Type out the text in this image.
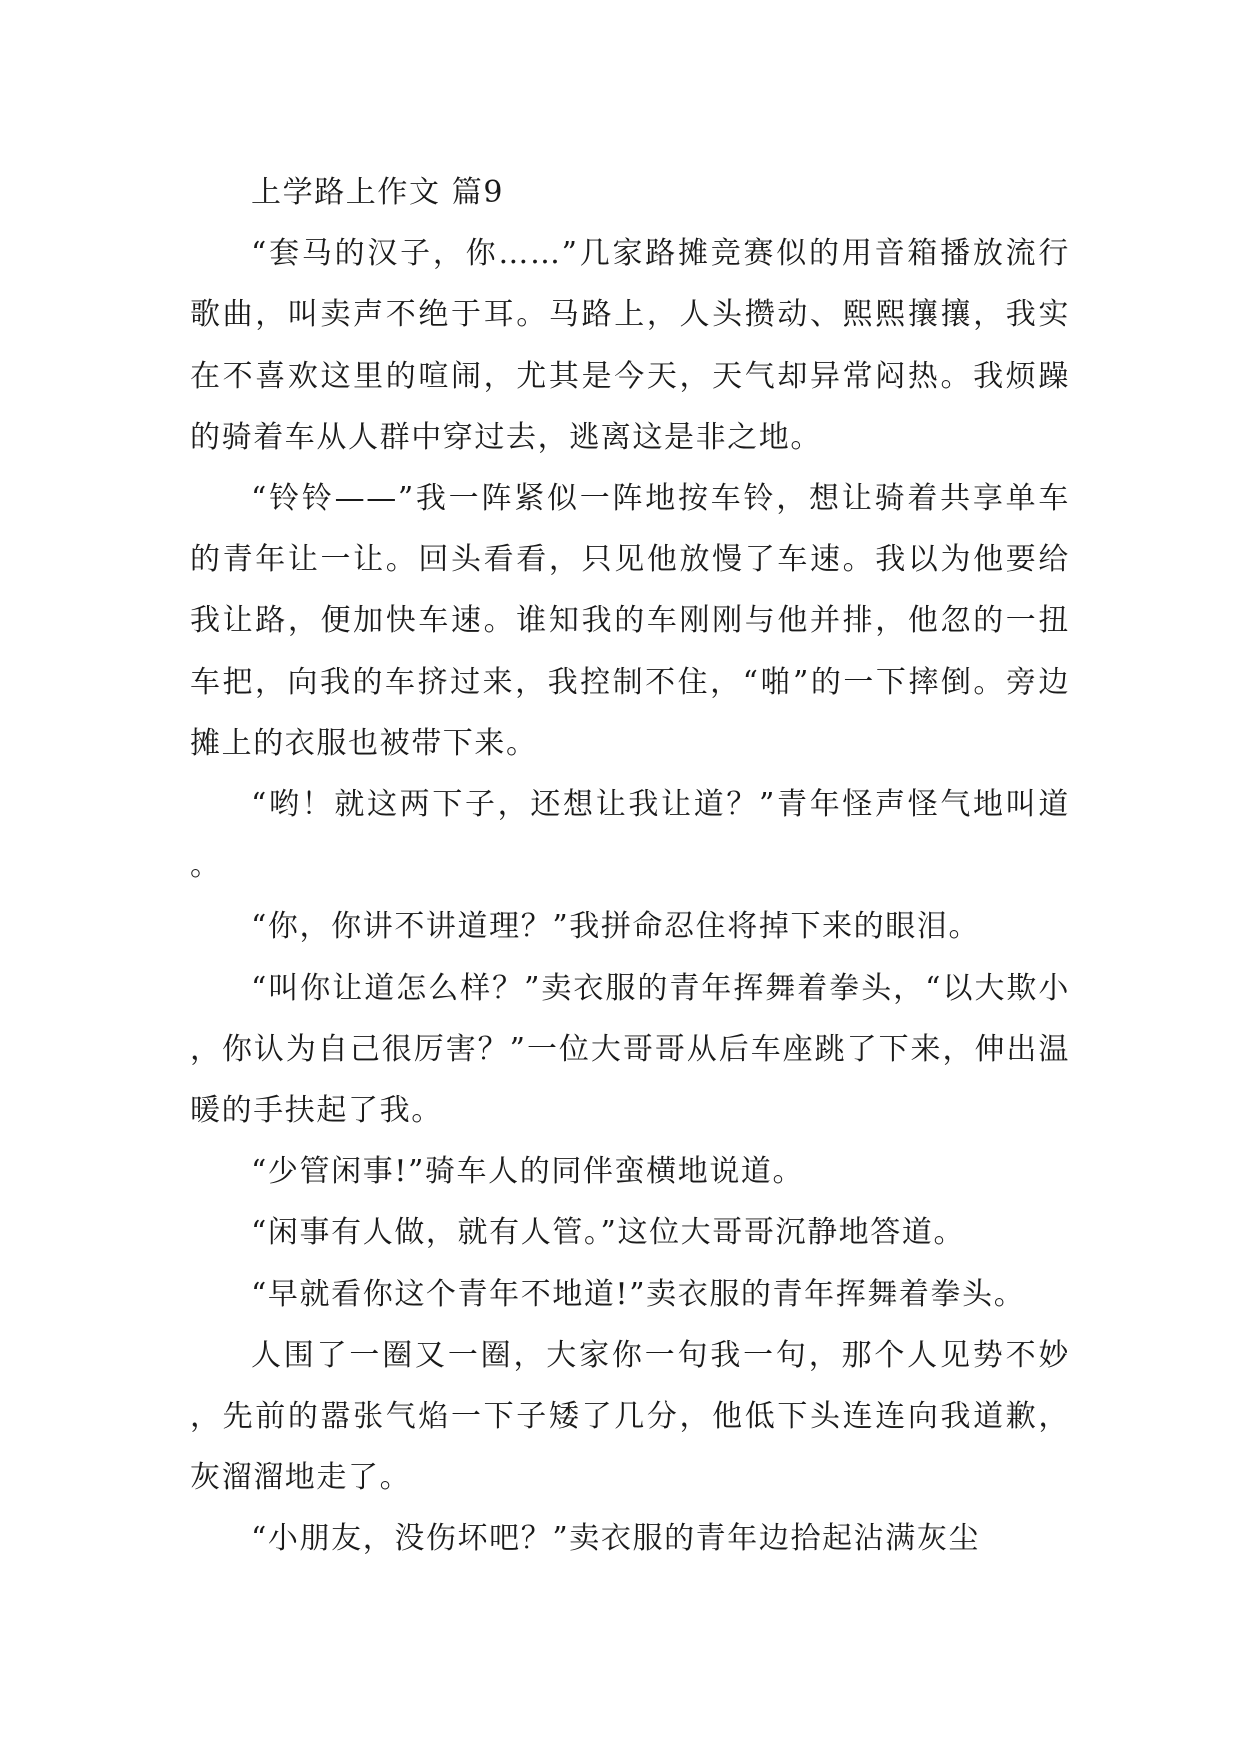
上学路上作文 篇9

“套马的汉子，你……”几家路摊竞赛似的用音箱播放流行歌曲，叫卖声不绝于耳。马路上，人头攒动、熙熙攘攘，我实在不喜欢这里的喧闹，尤其是今天，天气却异常闷热。我烦躁的骑着车从人群中穿过去，逃离这是非之地。

“铃铃——”我一阵紧似一阵地按车铃，想让骑着共享单车的青年让一让。回头看看，只见他放慢了车速。我以为他要给我让路，便加快车速。谁知我的车刚刚与他并排，他忽的一扭车把，向我的车挤过来，我控制不住，“啪”的一下摔倒。旁边摊上的衣服也被带下来。

“哟！就这两下子，还想让我让道？”青年怪声怪气地叫道。

“你，你讲不讲道理？”我拼命忍住将掉下来的眼泪。

“叫你让道怎么样？”卖衣服的青年挥舞着拳头，“以大欺小，你认为自己很厉害？”一位大哥哥从后车座跳了下来，伸出温暖的手扶起了我。

“少管闲事!”骑车人的同伴蛮横地说道。

“闲事有人做，就有人管。”这位大哥哥沉静地答道。

“早就看你这个青年不地道!”卖衣服的青年挥舞着拳头。

人围了一圈又一圈，大家你一句我一句，那个人见势不妙，先前的嚣张气焰一下子矮了几分，他低下头连连向我道歉，灰溜溜地走了。

“小朋友，没伤坏吧？”卖衣服的青年边拾起沾满灰尘
